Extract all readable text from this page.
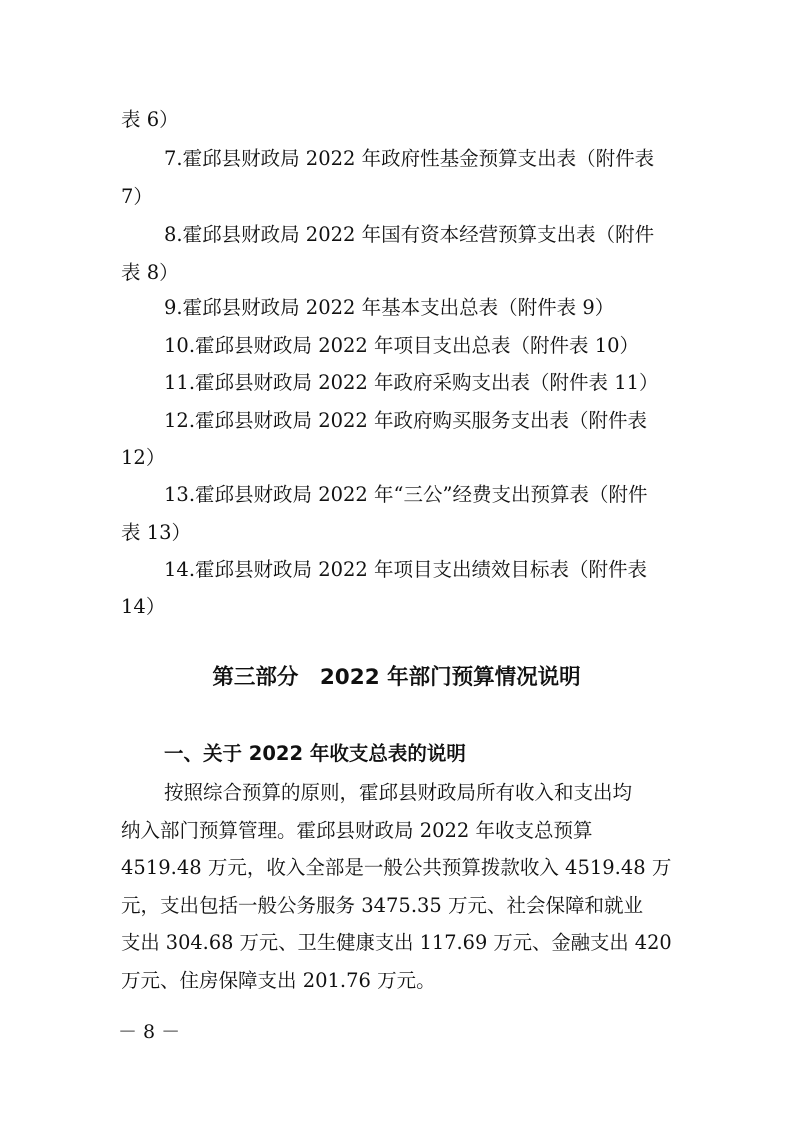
表 6）
7.霍邱县财政局 2022 年政府性基金预算支出表（附件表
7）
8.霍邱县财政局 2022 年国有资本经营预算支出表（附件
表 8）
9.霍邱县财政局 2022 年基本支出总表（附件表 9）
10.霍邱县财政局 2022 年项目支出总表（附件表 10）
11.霍邱县财政局 2022 年政府采购支出表（附件表 11）
12.霍邱县财政局 2022 年政府购买服务支出表（附件表
12）
13.霍邱县财政局 2022 年“三公”经费支出预算表（附件
表 13）
14.霍邱县财政局 2022 年项目支出绩效目标表（附件表
14）
第三部分　2022 年部门预算情况说明
一、关于 2022 年收支总表的说明
按照综合预算的原则，霍邱县财政局所有收入和支出均
纳入部门预算管理。霍邱县财政局 2022 年收支总预算
4519.48 万元，收入全部是一般公共预算拨款收入 4519.48 万
元，支出包括一般公务服务 3475.35 万元、社会保障和就业
支出 304.68 万元、卫生健康支出 117.69 万元、金融支出 420
万元、住房保障支出 201.76 万元。
－ 8 －
